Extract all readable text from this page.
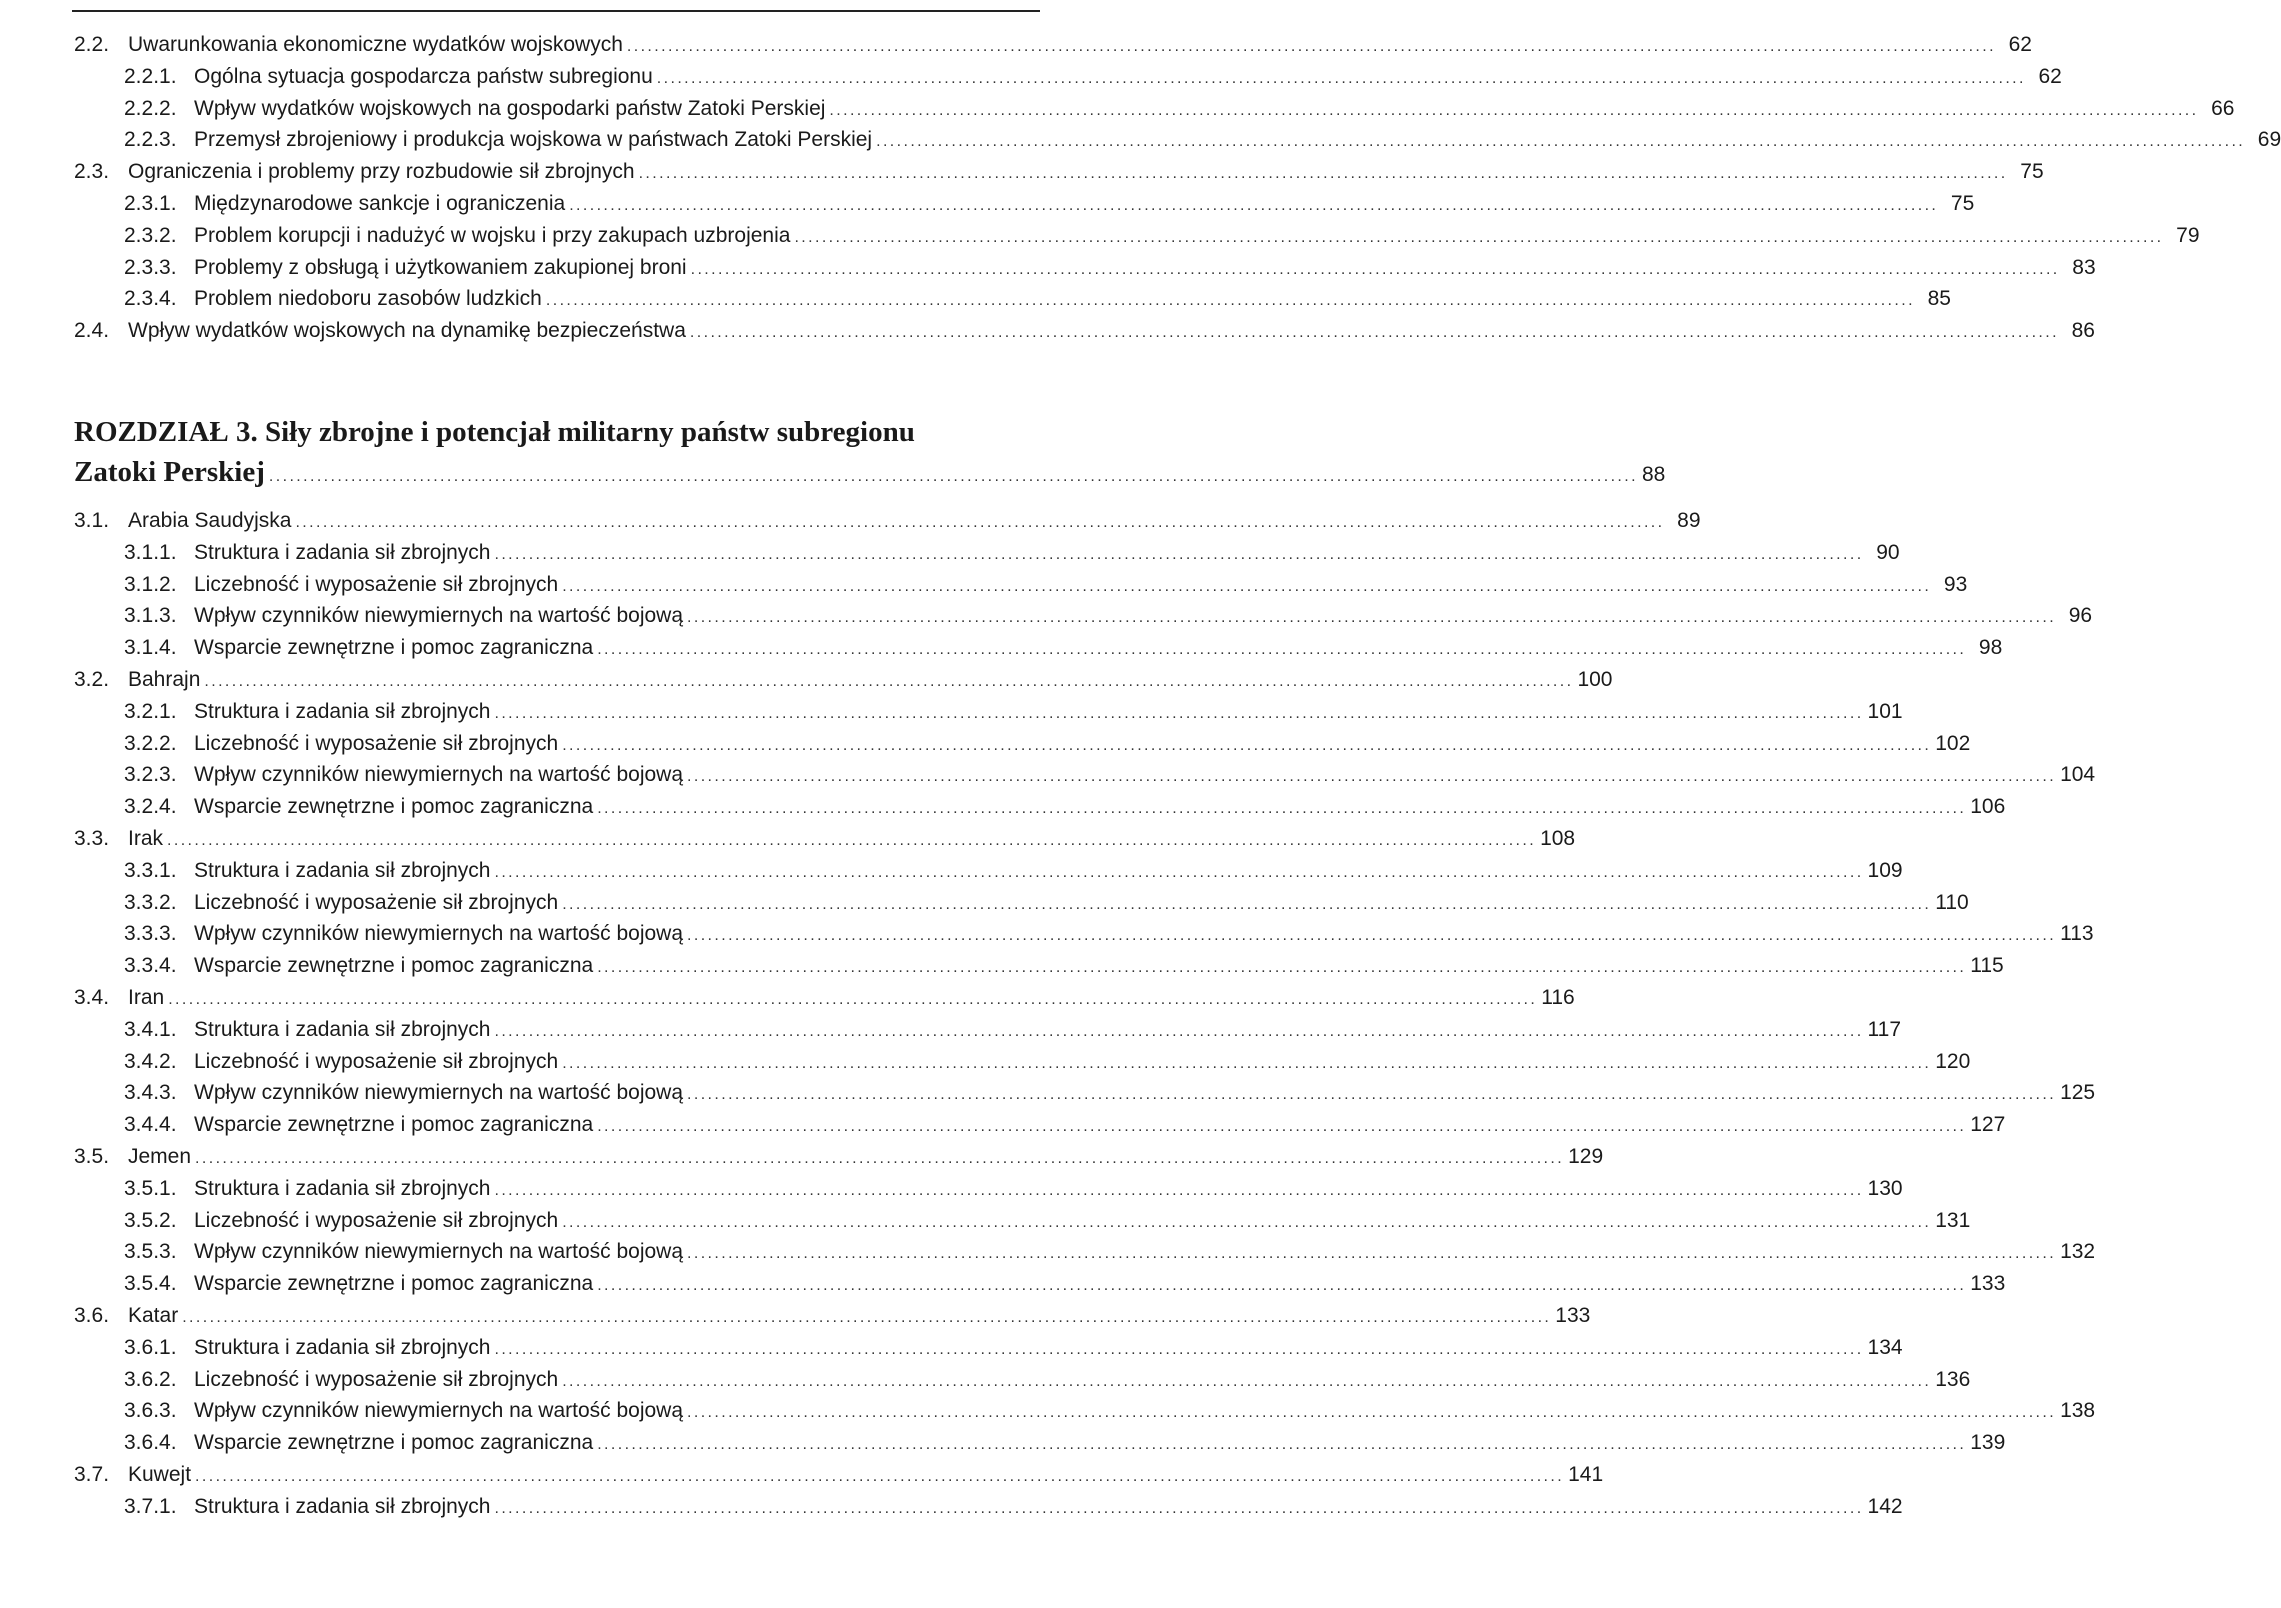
2.2. Uwarunkowania ekonomiczne wydatków wojskowych ........................................................................................................................................................................................................ 62
2.2.1. Ogólna sytuacja gospodarcza państw subregionu ........................................................................................................................................................................................................ 62
2.2.2. Wpływ wydatków wojskowych na gospodarki państw Zatoki Perskiej ........................................................................................................................................................................................................ 66
2.2.3. Przemysł zbrojeniowy i produkcja wojskowa w państwach Zatoki Perskiej ........................................................................................................................................................................................................ 69
2.3. Ograniczenia i problemy przy rozbudowie sił zbrojnych ........................................................................................................................................................................................................ 75
2.3.1. Międzynarodowe sankcje i ograniczenia ........................................................................................................................................................................................................ 75
2.3.2. Problem korupcji i nadużyć w wojsku i przy zakupach uzbrojenia ........................................................................................................................................................................................................ 79
2.3.3. Problemy z obsługą i użytkowaniem zakupionej broni ........................................................................................................................................................................................................ 83
2.3.4. Problem niedoboru zasobów ludzkich ........................................................................................................................................................................................................ 85
2.4. Wpływ wydatków wojskowych na dynamikę bezpieczeństwa ........................................................................................................................................................................................................ 86
ROZDZIAŁ 3. Siły zbrojne i potencjał militarny państw subregionu
Zatoki Perskiej ........................................................................................................................................................................................................ 88
3.1. Arabia Saudyjska ........................................................................................................................................................................................................ 89
3.1.1. Struktura i zadania sił zbrojnych ........................................................................................................................................................................................................ 90
3.1.2. Liczebność i wyposażenie sił zbrojnych ........................................................................................................................................................................................................ 93
3.1.3. Wpływ czynników niewymiernych na wartość bojową ........................................................................................................................................................................................................ 96
3.1.4. Wsparcie zewnętrzne i pomoc zagraniczna ........................................................................................................................................................................................................ 98
3.2. Bahrajn ........................................................................................................................................................................................................ 100
3.2.1. Struktura i zadania sił zbrojnych ........................................................................................................................................................................................................ 101
3.2.2. Liczebność i wyposażenie sił zbrojnych ........................................................................................................................................................................................................ 102
3.2.3. Wpływ czynników niewymiernych na wartość bojową ........................................................................................................................................................................................................ 104
3.2.4. Wsparcie zewnętrzne i pomoc zagraniczna ........................................................................................................................................................................................................ 106
3.3. Irak ........................................................................................................................................................................................................ 108
3.3.1. Struktura i zadania sił zbrojnych ........................................................................................................................................................................................................ 109
3.3.2. Liczebność i wyposażenie sił zbrojnych ........................................................................................................................................................................................................ 110
3.3.3. Wpływ czynników niewymiernych na wartość bojową ........................................................................................................................................................................................................ 113
3.3.4. Wsparcie zewnętrzne i pomoc zagraniczna ........................................................................................................................................................................................................ 115
3.4. Iran ........................................................................................................................................................................................................ 116
3.4.1. Struktura i zadania sił zbrojnych ........................................................................................................................................................................................................ 117
3.4.2. Liczebność i wyposażenie sił zbrojnych ........................................................................................................................................................................................................ 120
3.4.3. Wpływ czynników niewymiernych na wartość bojową ........................................................................................................................................................................................................ 125
3.4.4. Wsparcie zewnętrzne i pomoc zagraniczna ........................................................................................................................................................................................................ 127
3.5. Jemen ........................................................................................................................................................................................................ 129
3.5.1. Struktura i zadania sił zbrojnych ........................................................................................................................................................................................................ 130
3.5.2. Liczebność i wyposażenie sił zbrojnych ........................................................................................................................................................................................................ 131
3.5.3. Wpływ czynników niewymiernych na wartość bojową ........................................................................................................................................................................................................ 132
3.5.4. Wsparcie zewnętrzne i pomoc zagraniczna ........................................................................................................................................................................................................ 133
3.6. Katar ........................................................................................................................................................................................................ 133
3.6.1. Struktura i zadania sił zbrojnych ........................................................................................................................................................................................................ 134
3.6.2. Liczebność i wyposażenie sił zbrojnych ........................................................................................................................................................................................................ 136
3.6.3. Wpływ czynników niewymiernych na wartość bojową ........................................................................................................................................................................................................ 138
3.6.4. Wsparcie zewnętrzne i pomoc zagraniczna ........................................................................................................................................................................................................ 139
3.7. Kuwejt ........................................................................................................................................................................................................ 141
3.7.1. Struktura i zadania sił zbrojnych ........................................................................................................................................................................................................ 142
